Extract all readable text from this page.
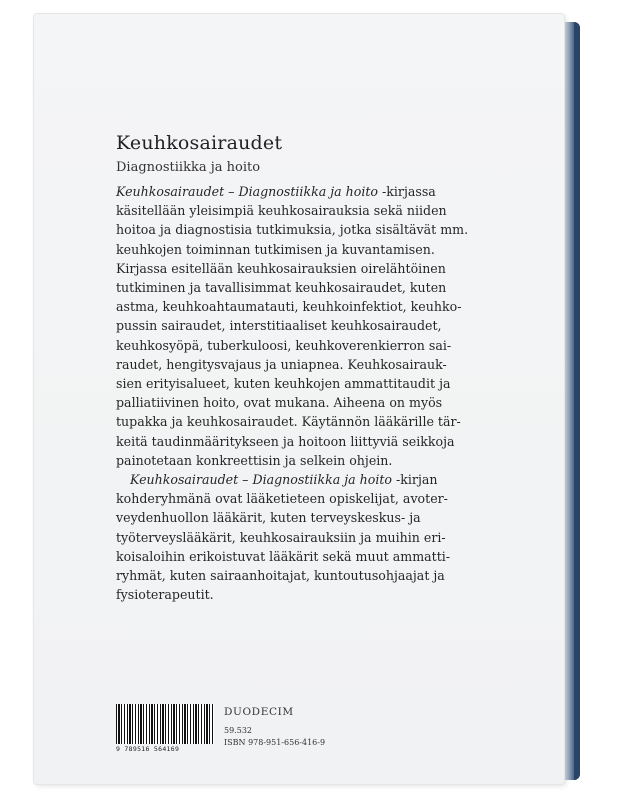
Keuhkosairaudet
Diagnostiikka ja hoito

Keuhkosairaudet – Diagnostiikka ja hoito -kirjassa
käsitellään yleisimpiä keuhkosairauksia sekä niiden
hoitoa ja diagnostisia tutkimuksia, jotka sisältävät mm.
keuhkojen toiminnan tutkimisen ja kuvantamisen.
Kirjassa esitellään keuhkosairauksien oirelähtöinen
tutkiminen ja tavallisimmat keuhkosairaudet, kuten
astma, keuhkoahtaumatauti, keuhkoinfektiot, keuhko-
pussin sairaudet, interstitiaaliset keuhkosairaudet,
keuhkosyöpä, tuberkuloosi, keuhkoverenkierron sai-
raudet, hengitysvajaus ja uniapnea. Keuhkosairauk-
sien erityisalueet, kuten keuhkojen ammattitaudit ja
palliatiivinen hoito, ovat mukana. Aiheena on myös
tupakka ja keuhkosairaudet. Käytännön lääkärille tär-
keitä taudinmääritykseen ja hoitoon liittyviä seikkoja
painotetaan konkreettisin ja selkein ohjein.

Keuhkosairaudet – Diagnostiikka ja hoito -kirjan
kohderyhmänä ovat lääketieteen opiskelijat, avoter-
veydenhuollon lääkärit, kuten terveyskeskus- ja
työterveyslääkärit, keuhkosairauksiin ja muihin eri-
koisaloihin erikoistuvat lääkärit sekä muut ammatti-
ryhmät, kuten sairaanhoitajat, kuntoutusohjaajat ja
fysioterapeutit.

9 789516 564169
DUODECIM
59.532
ISBN 978-951-656-416-9
